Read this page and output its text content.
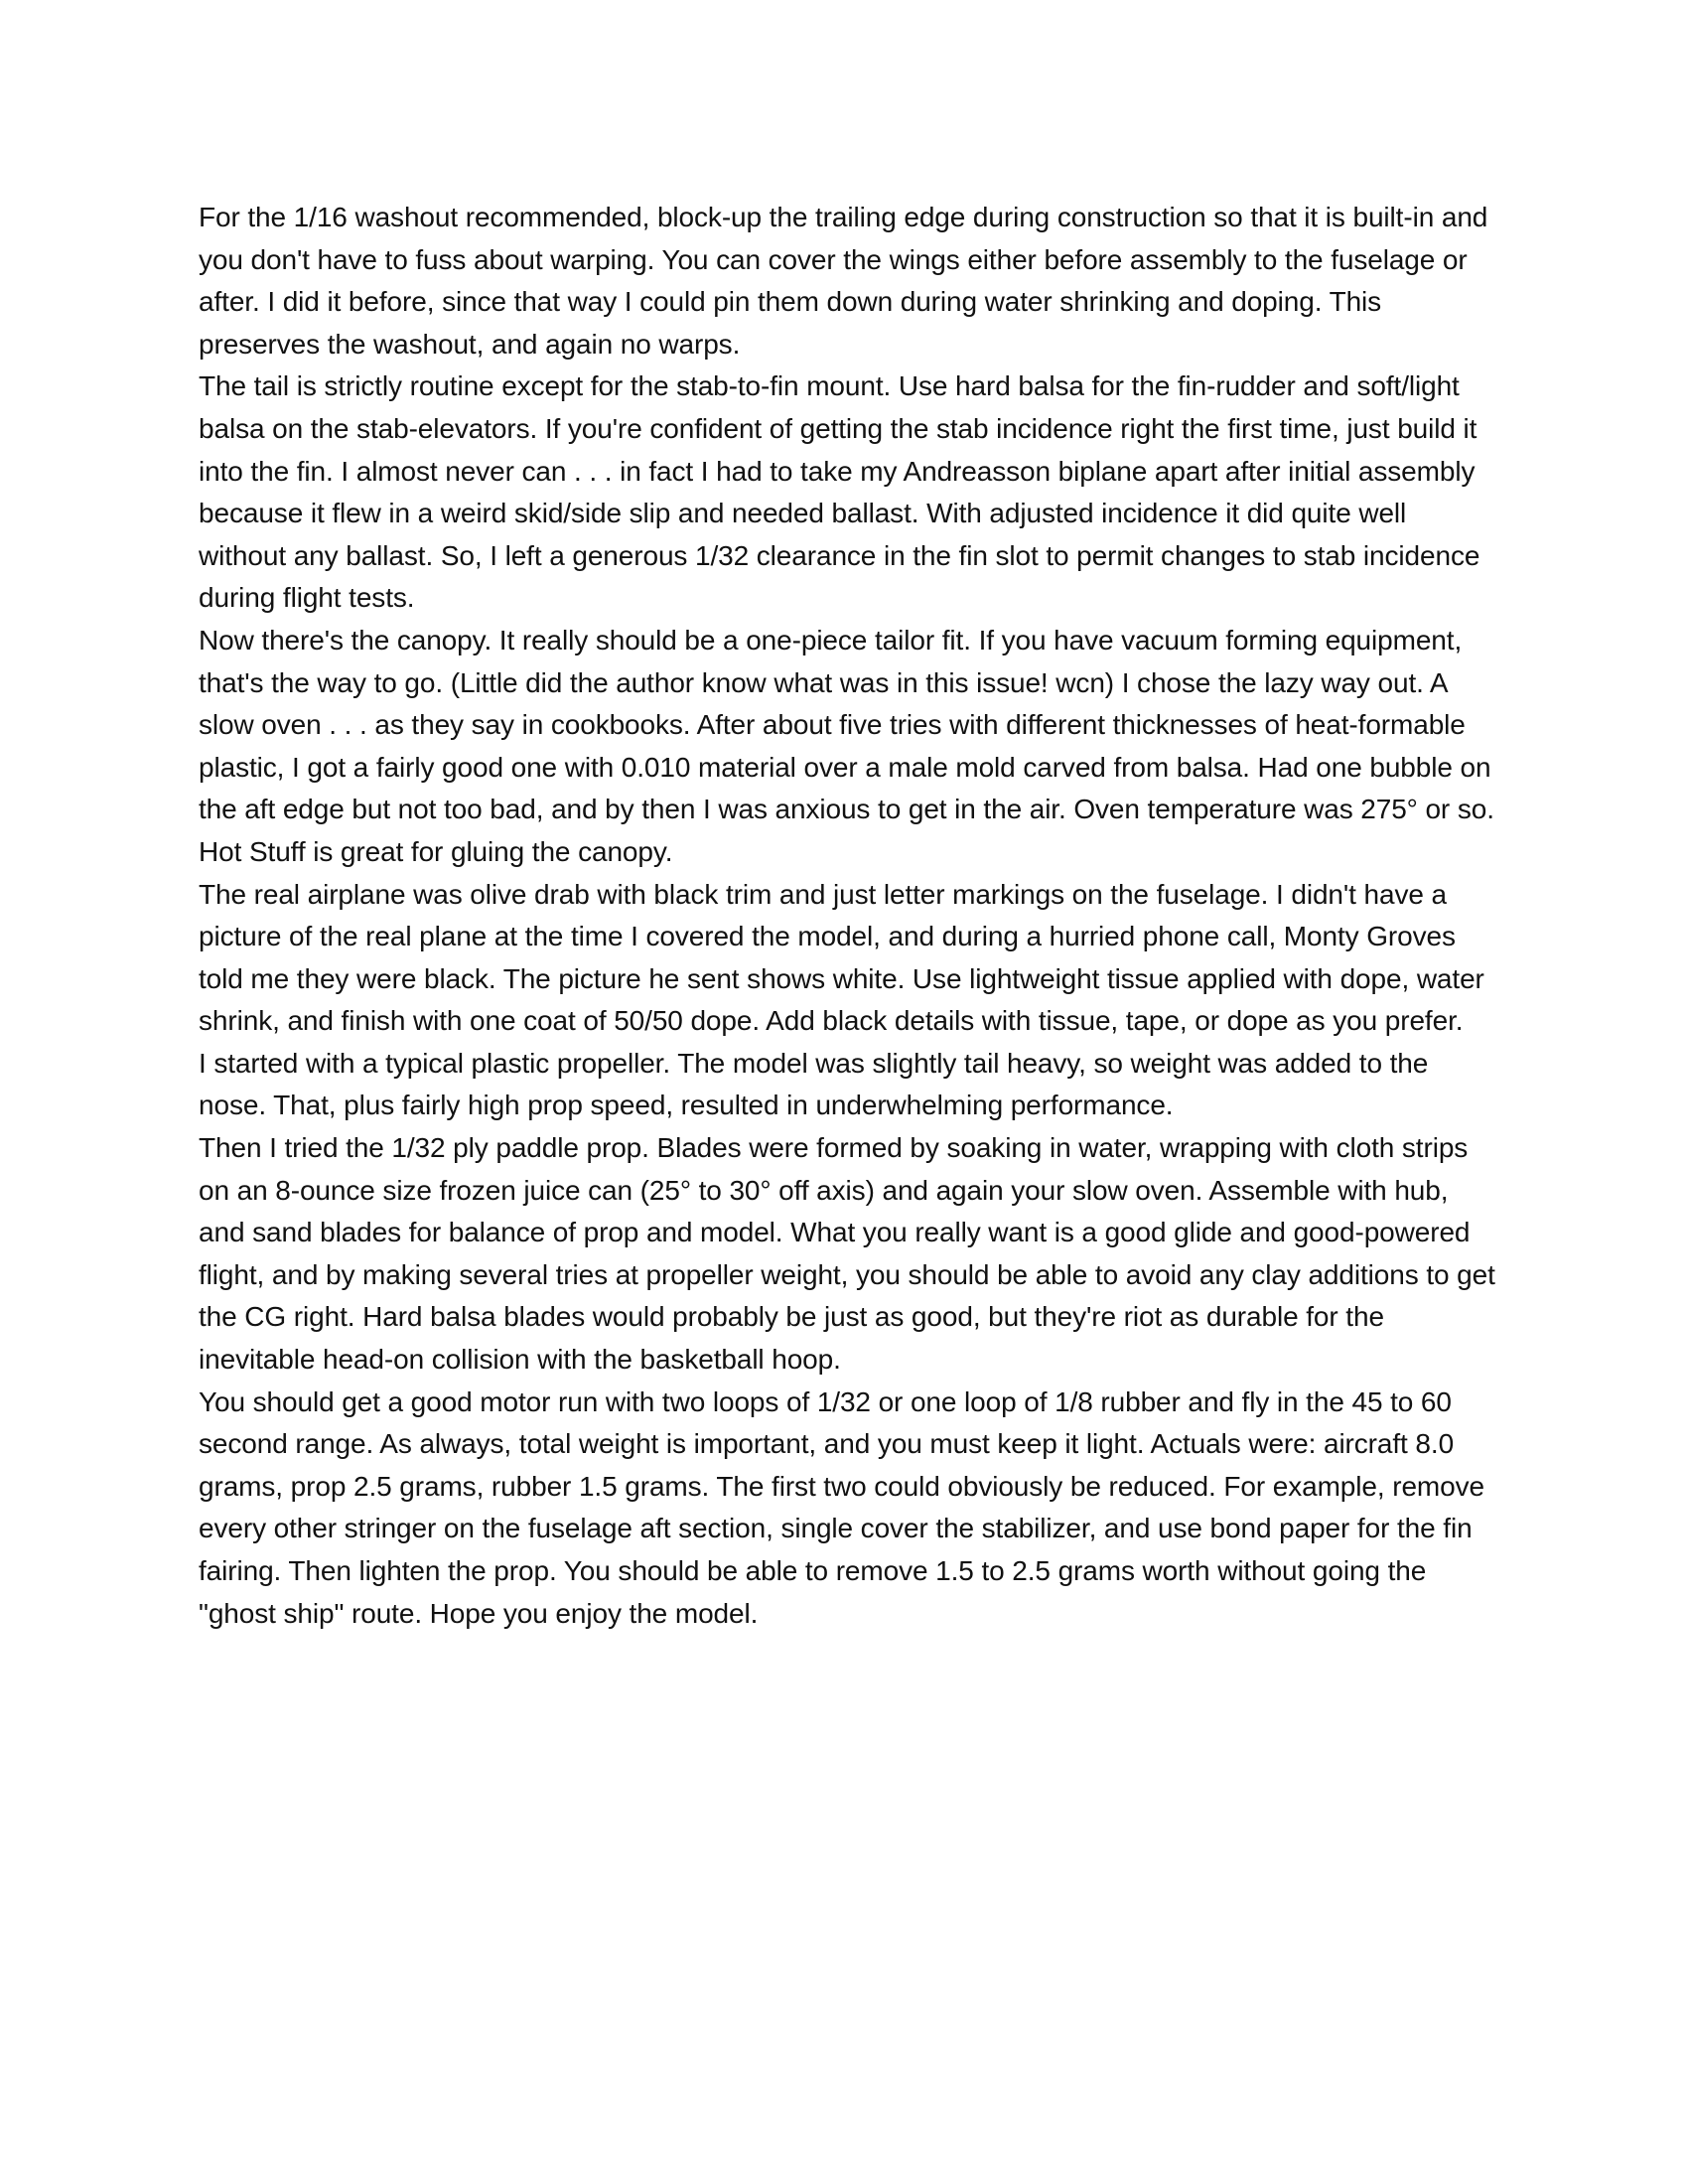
For the 1/16 washout recommended, block-up the trailing edge during construction so that it is built-in and you don't have to fuss about warping. You can cover the wings either before assembly to the fuselage or after. I did it before, since that way I could pin them down during water shrinking and doping. This preserves the washout, and again no warps.

The tail is strictly routine except for the stab-to-fin mount. Use hard balsa for the fin-rudder and soft/light balsa on the stab-elevators. If you're confident of getting the stab incidence right the first time, just build it into the fin. I almost never can . . . in fact I had to take my Andreasson biplane apart after initial assembly because it flew in a weird skid/side slip and needed ballast. With adjusted incidence it did quite well without any ballast. So, I left a generous 1/32 clearance in the fin slot to permit changes to stab incidence during flight tests.

Now there's the canopy. It really should be a one-piece tailor fit. If you have vacuum forming equipment, that's the way to go. (Little did the author know what was in this issue! wcn) I chose the lazy way out. A slow oven . . . as they say in cookbooks. After about five tries with different thicknesses of heat-formable plastic, I got a fairly good one with 0.010 material over a male mold carved from balsa. Had one bubble on the aft edge but not too bad, and by then I was anxious to get in the air. Oven temperature was 275° or so. Hot Stuff is great for gluing the canopy.

The real airplane was olive drab with black trim and just letter markings on the fuselage. I didn't have a picture of the real plane at the time I covered the model, and during a hurried phone call, Monty Groves told me they were black. The picture he sent shows white. Use lightweight tissue applied with dope, water shrink, and finish with one coat of 50/50 dope. Add black details with tissue, tape, or dope as you prefer.

I started with a typical plastic propeller. The model was slightly tail heavy, so weight was added to the nose. That, plus fairly high prop speed, resulted in underwhelming performance.

Then I tried the 1/32 ply paddle prop. Blades were formed by soaking in water, wrapping with cloth strips on an 8-ounce size frozen juice can (25° to 30° off axis) and again your slow oven. Assemble with hub, and sand blades for balance of prop and model. What you really want is a good glide and good-powered flight, and by making several tries at propeller weight, you should be able to avoid any clay additions to get the CG right. Hard balsa blades would probably be just as good, but they're riot as durable for the inevitable head-on collision with the basketball hoop.

You should get a good motor run with two loops of 1/32 or one loop of 1/8 rubber and fly in the 45 to 60 second range. As always, total weight is important, and you must keep it light. Actuals were: aircraft 8.0 grams, prop 2.5 grams, rubber 1.5 grams. The first two could obviously be reduced. For example, remove every other stringer on the fuselage aft section, single cover the stabilizer, and use bond paper for the fin fairing. Then lighten the prop. You should be able to remove 1.5 to 2.5 grams worth without going the "ghost ship" route. Hope you enjoy the model.
